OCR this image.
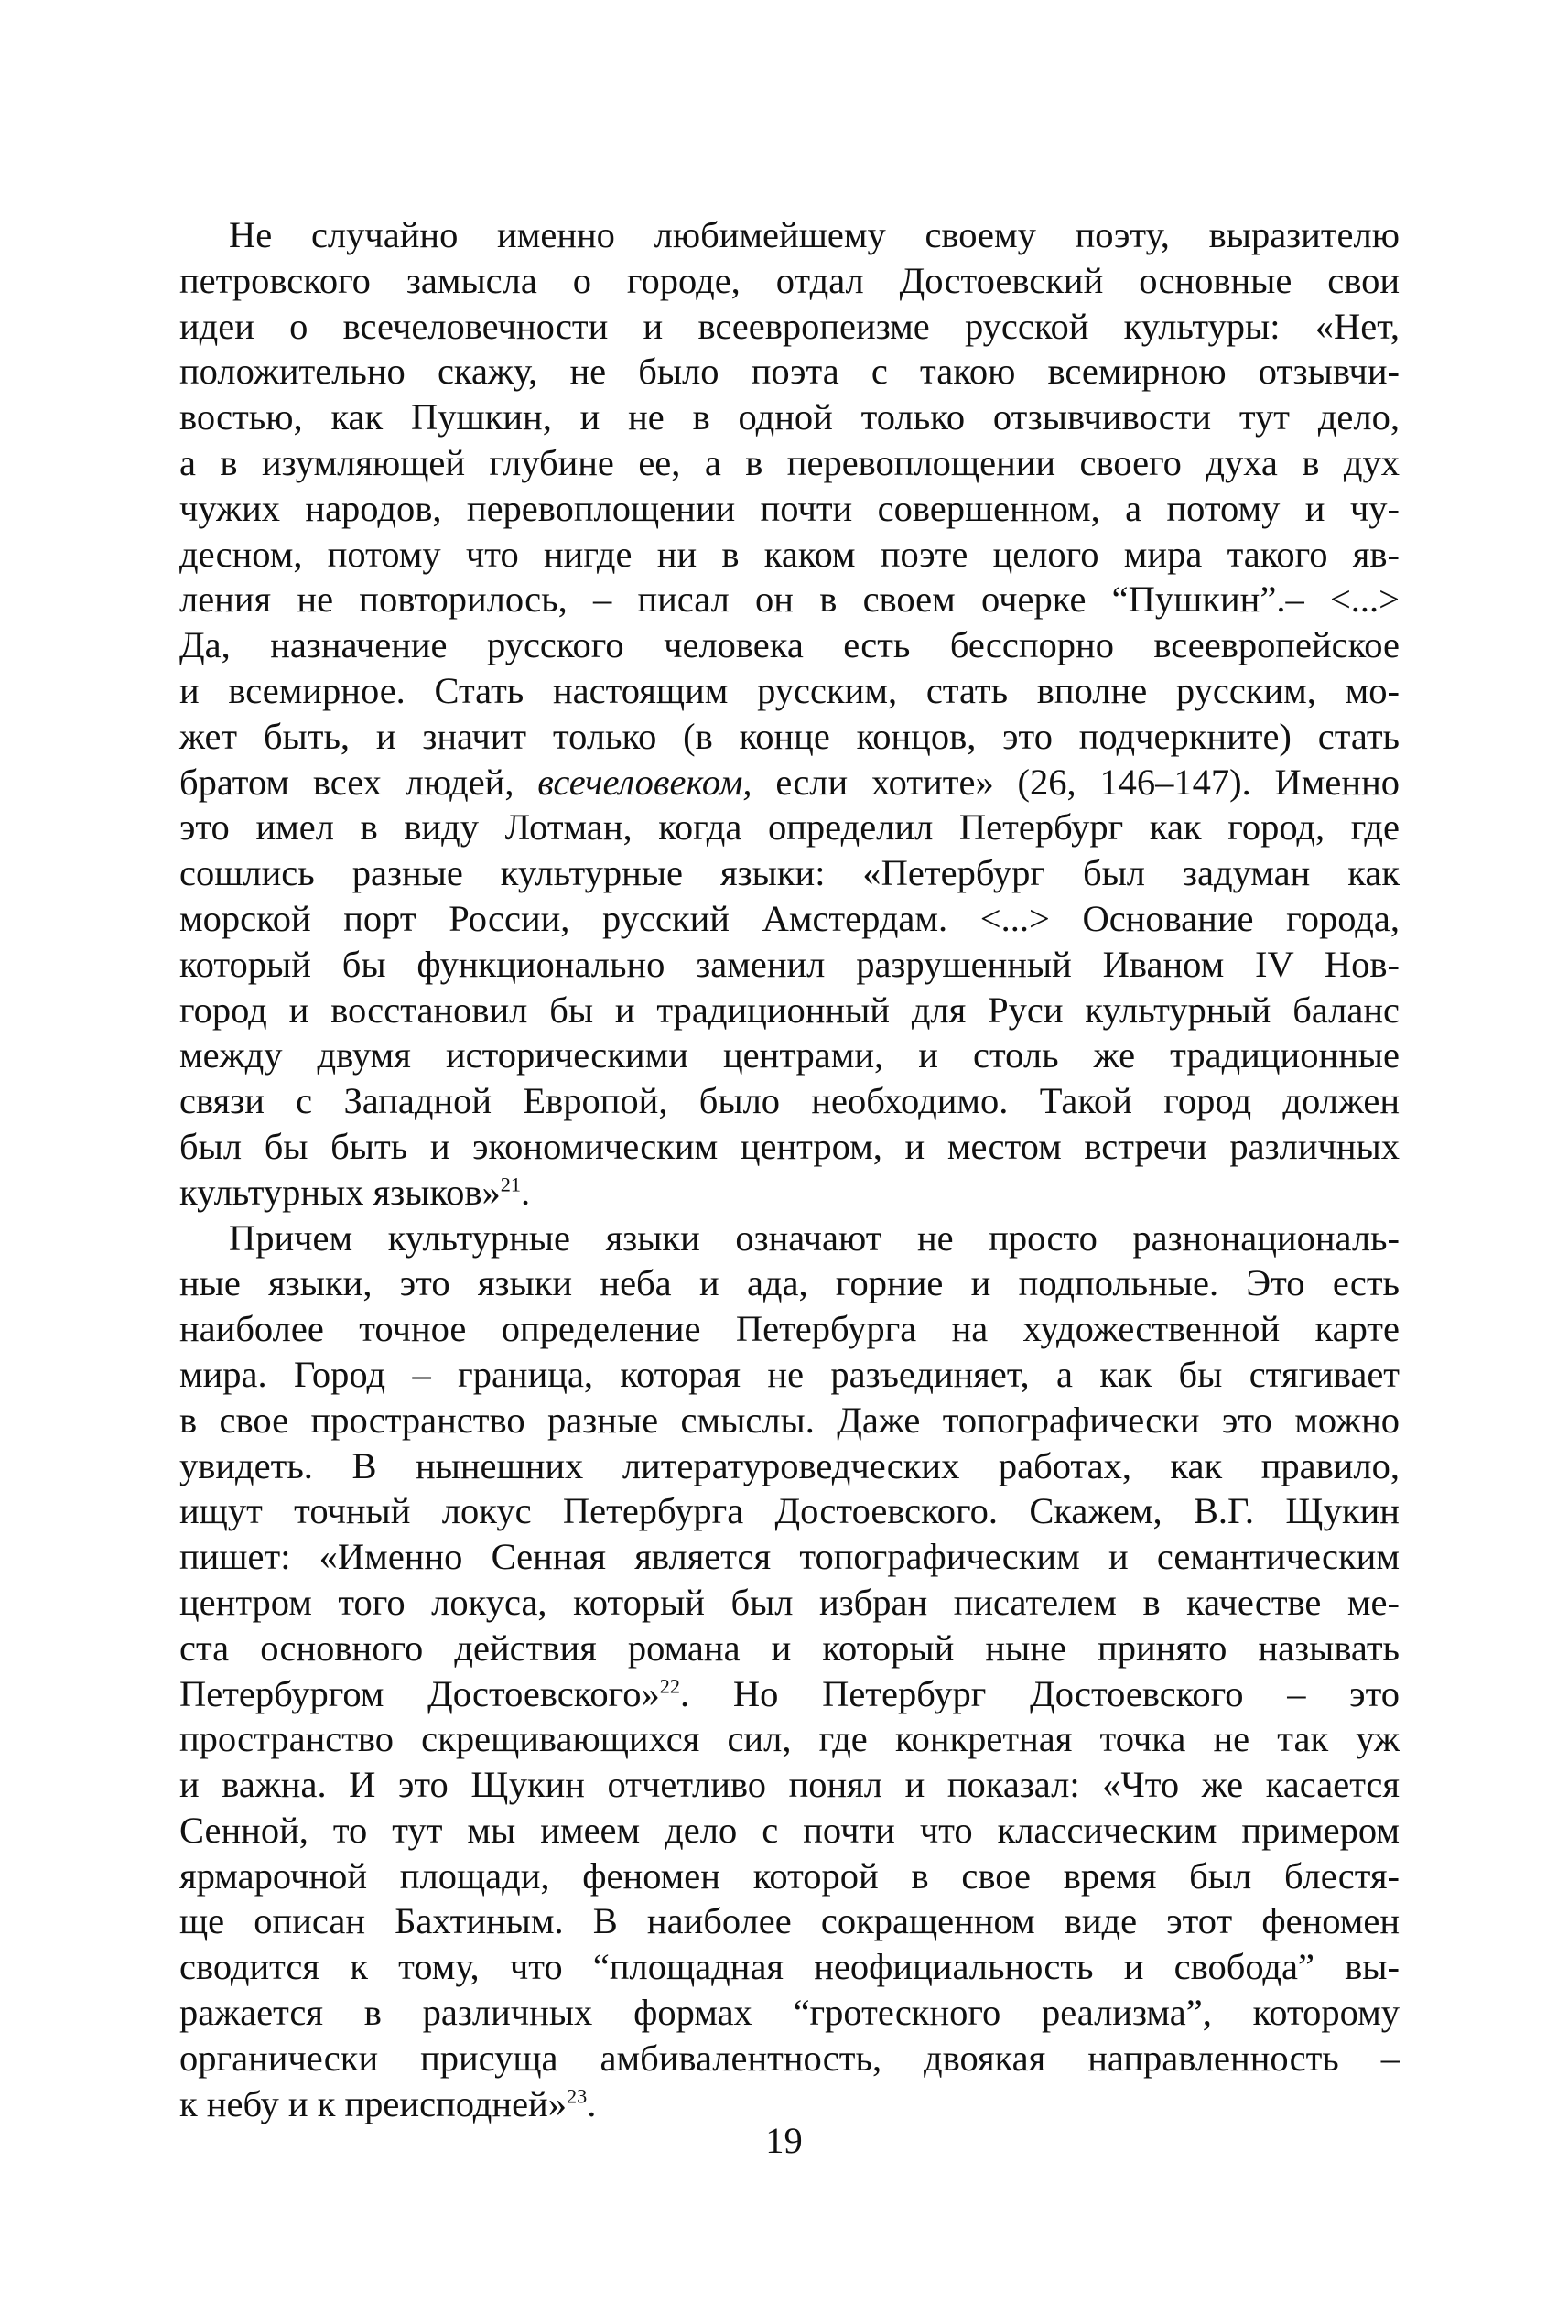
Не случайно именно любимейшему своему поэту, выразителю
петровского замысла о городе, отдал Достоевский основные свои
идеи о всечеловечности и всеевропеизме русской культуры: «Нет,
положительно скажу, не было поэта с такою всемирною отзывчи-
востью, как Пушкин, и не в одной только отзывчивости тут дело,
а в изумляющей глубине ее, а в перевоплощении своего духа в дух
чужих народов, перевоплощении почти совершенном, а потому и чу-
десном, потому что нигде ни в каком поэте целого мира такого яв-
ления не повторилось, – писал он в своем очерке “Пушкин”.– <...>
Да, назначение русского человека есть бесспорно всеевропейское
и всемирное. Стать настоящим русским, стать вполне русским, мо-
жет быть, и значит только (в конце концов, это подчеркните) стать
братом всех людей, всечеловеком, если хотите» (26, 146–147). Именно
это имел в виду Лотман, когда определил Петербург как город, где
сошлись разные культурные языки: «Петербург был задуман как
морской порт России, русский Амстердам. <...> Основание города,
который бы функционально заменил разрушенный Иваном IV Нов-
город и восстановил бы и традиционный для Руси культурный баланс
между двумя историческими центрами, и столь же традиционные
связи с Западной Европой, было необходимо. Такой город должен
был бы быть и экономическим центром, и местом встречи различных
культурных языков»$^{21}$.
Причем культурные языки означают не просто разнонациональ-
ные языки, это языки неба и ада, горние и подпольные. Это есть
наиболее точное определение Петербурга на художественной карте
мира. Город – граница, которая не разъединяет, а как бы стягивает
в свое пространство разные смыслы. Даже топографически это можно
увидеть. В нынешних литературоведческих работах, как правило,
ищут точный локус Петербурга Достоевского. Скажем, В.Г. Щукин
пишет: «Именно Сенная является топографическим и семантическим
центром того локуса, который был избран писателем в качестве ме-
ста основного действия романа и который ныне принято называть
Петербургом Достоевского»$^{22}$. Но Петербург Достоевского – это
пространство скрещивающихся сил, где конкретная точка не так уж
и важна. И это Щукин отчетливо понял и показал: «Что же касается
Сенной, то тут мы имеем дело с почти что классическим примером
ярмарочной площади, феномен которой в свое время был блестя-
ще описан Бахтиным. В наиболее сокращенном виде этот феномен
сводится к тому, что “площадная неофициальность и свобода” вы-
ражается в различных формах “гротескного реализма”, которому
органически присуща амбивалентность, двоякая направленность –
к небу и к преисподней»$^{23}$.
19
